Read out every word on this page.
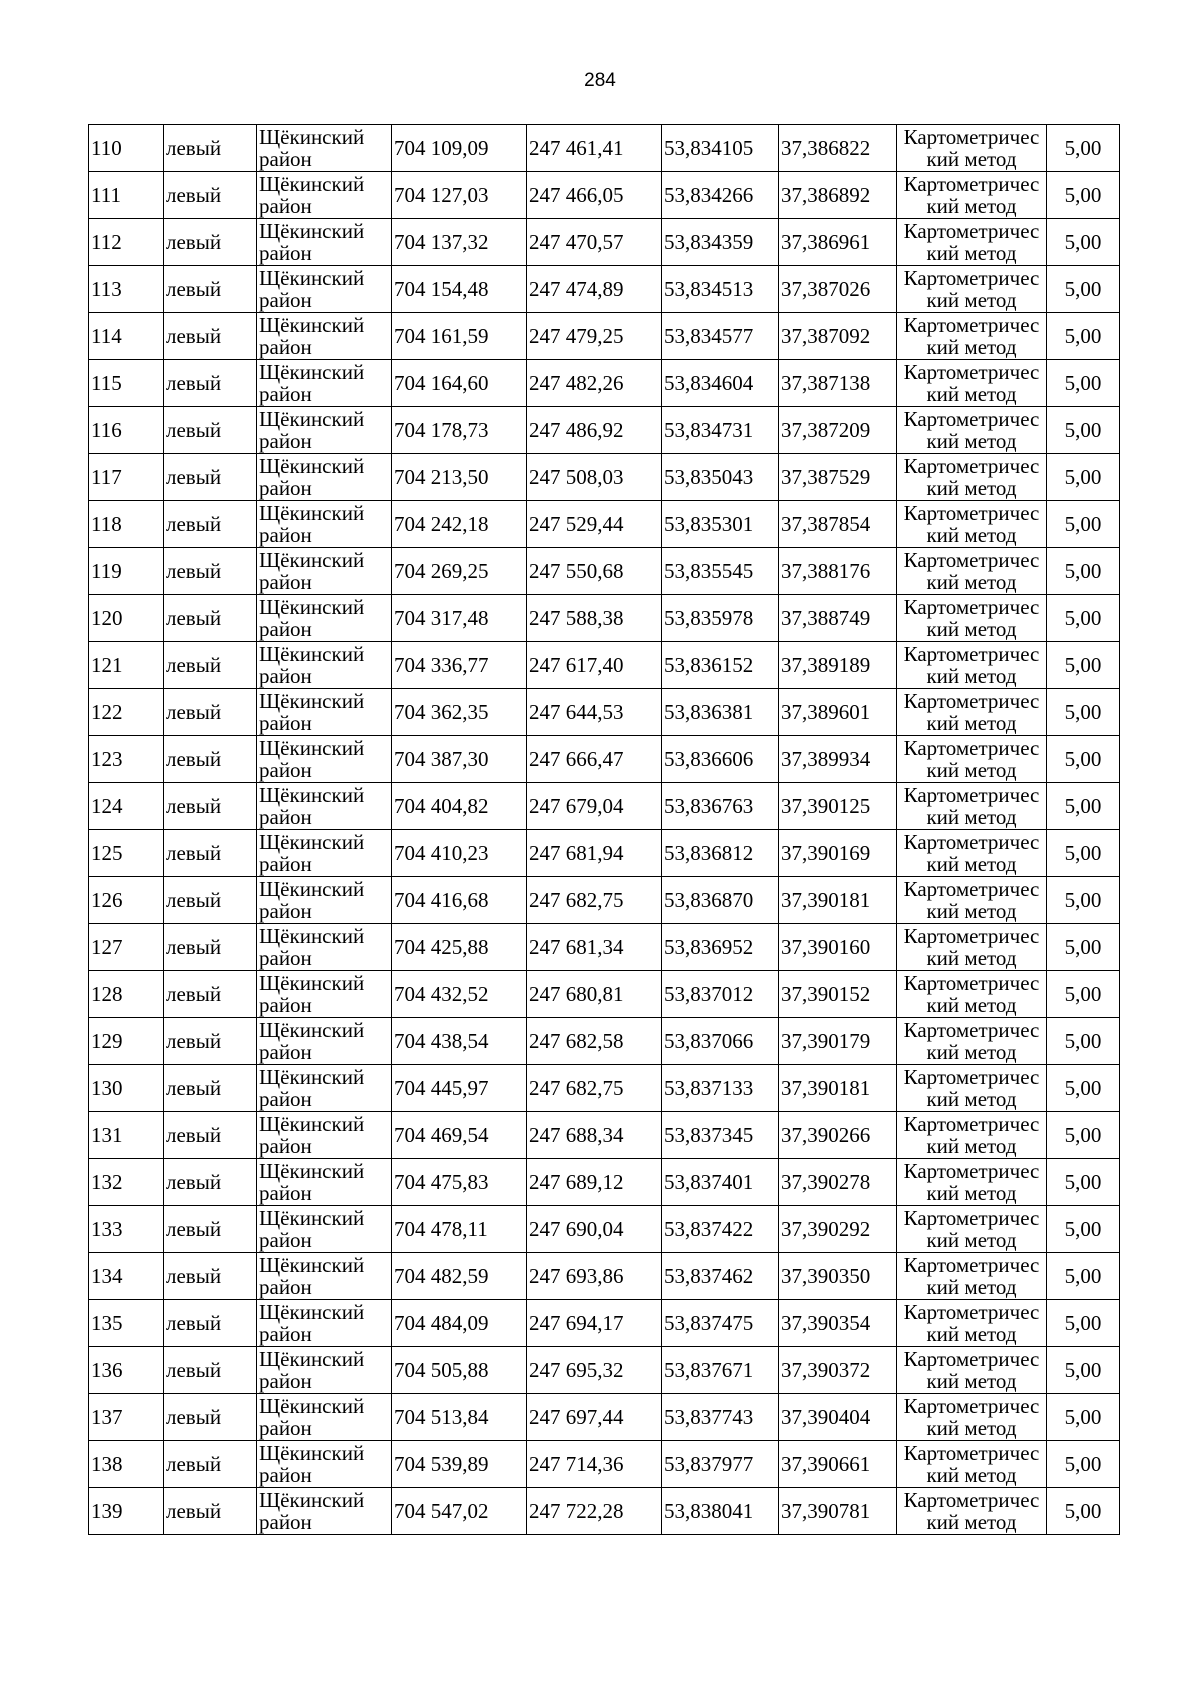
284
110	левый	Щёкинский район	704 109,09	247 461,41	53,834105	37,386822	Картометрический метод	5,00
111	левый	Щёкинский район	704 127,03	247 466,05	53,834266	37,386892	Картометрический метод	5,00
112	левый	Щёкинский район	704 137,32	247 470,57	53,834359	37,386961	Картометрический метод	5,00
113	левый	Щёкинский район	704 154,48	247 474,89	53,834513	37,387026	Картометрический метод	5,00
114	левый	Щёкинский район	704 161,59	247 479,25	53,834577	37,387092	Картометрический метод	5,00
115	левый	Щёкинский район	704 164,60	247 482,26	53,834604	37,387138	Картометрический метод	5,00
116	левый	Щёкинский район	704 178,73	247 486,92	53,834731	37,387209	Картометрический метод	5,00
117	левый	Щёкинский район	704 213,50	247 508,03	53,835043	37,387529	Картометрический метод	5,00
118	левый	Щёкинский район	704 242,18	247 529,44	53,835301	37,387854	Картометрический метод	5,00
119	левый	Щёкинский район	704 269,25	247 550,68	53,835545	37,388176	Картометрический метод	5,00
120	левый	Щёкинский район	704 317,48	247 588,38	53,835978	37,388749	Картометрический метод	5,00
121	левый	Щёкинский район	704 336,77	247 617,40	53,836152	37,389189	Картометрический метод	5,00
122	левый	Щёкинский район	704 362,35	247 644,53	53,836381	37,389601	Картометрический метод	5,00
123	левый	Щёкинский район	704 387,30	247 666,47	53,836606	37,389934	Картометрический метод	5,00
124	левый	Щёкинский район	704 404,82	247 679,04	53,836763	37,390125	Картометрический метод	5,00
125	левый	Щёкинский район	704 410,23	247 681,94	53,836812	37,390169	Картометрический метод	5,00
126	левый	Щёкинский район	704 416,68	247 682,75	53,836870	37,390181	Картометрический метод	5,00
127	левый	Щёкинский район	704 425,88	247 681,34	53,836952	37,390160	Картометрический метод	5,00
128	левый	Щёкинский район	704 432,52	247 680,81	53,837012	37,390152	Картометрический метод	5,00
129	левый	Щёкинский район	704 438,54	247 682,58	53,837066	37,390179	Картометрический метод	5,00
130	левый	Щёкинский район	704 445,97	247 682,75	53,837133	37,390181	Картометрический метод	5,00
131	левый	Щёкинский район	704 469,54	247 688,34	53,837345	37,390266	Картометрический метод	5,00
132	левый	Щёкинский район	704 475,83	247 689,12	53,837401	37,390278	Картометрический метод	5,00
133	левый	Щёкинский район	704 478,11	247 690,04	53,837422	37,390292	Картометрический метод	5,00
134	левый	Щёкинский район	704 482,59	247 693,86	53,837462	37,390350	Картометрический метод	5,00
135	левый	Щёкинский район	704 484,09	247 694,17	53,837475	37,390354	Картометрический метод	5,00
136	левый	Щёкинский район	704 505,88	247 695,32	53,837671	37,390372	Картометрический метод	5,00
137	левый	Щёкинский район	704 513,84	247 697,44	53,837743	37,390404	Картометрический метод	5,00
138	левый	Щёкинский район	704 539,89	247 714,36	53,837977	37,390661	Картометрический метод	5,00
139	левый	Щёкинский район	704 547,02	247 722,28	53,838041	37,390781	Картометрический метод	5,00
